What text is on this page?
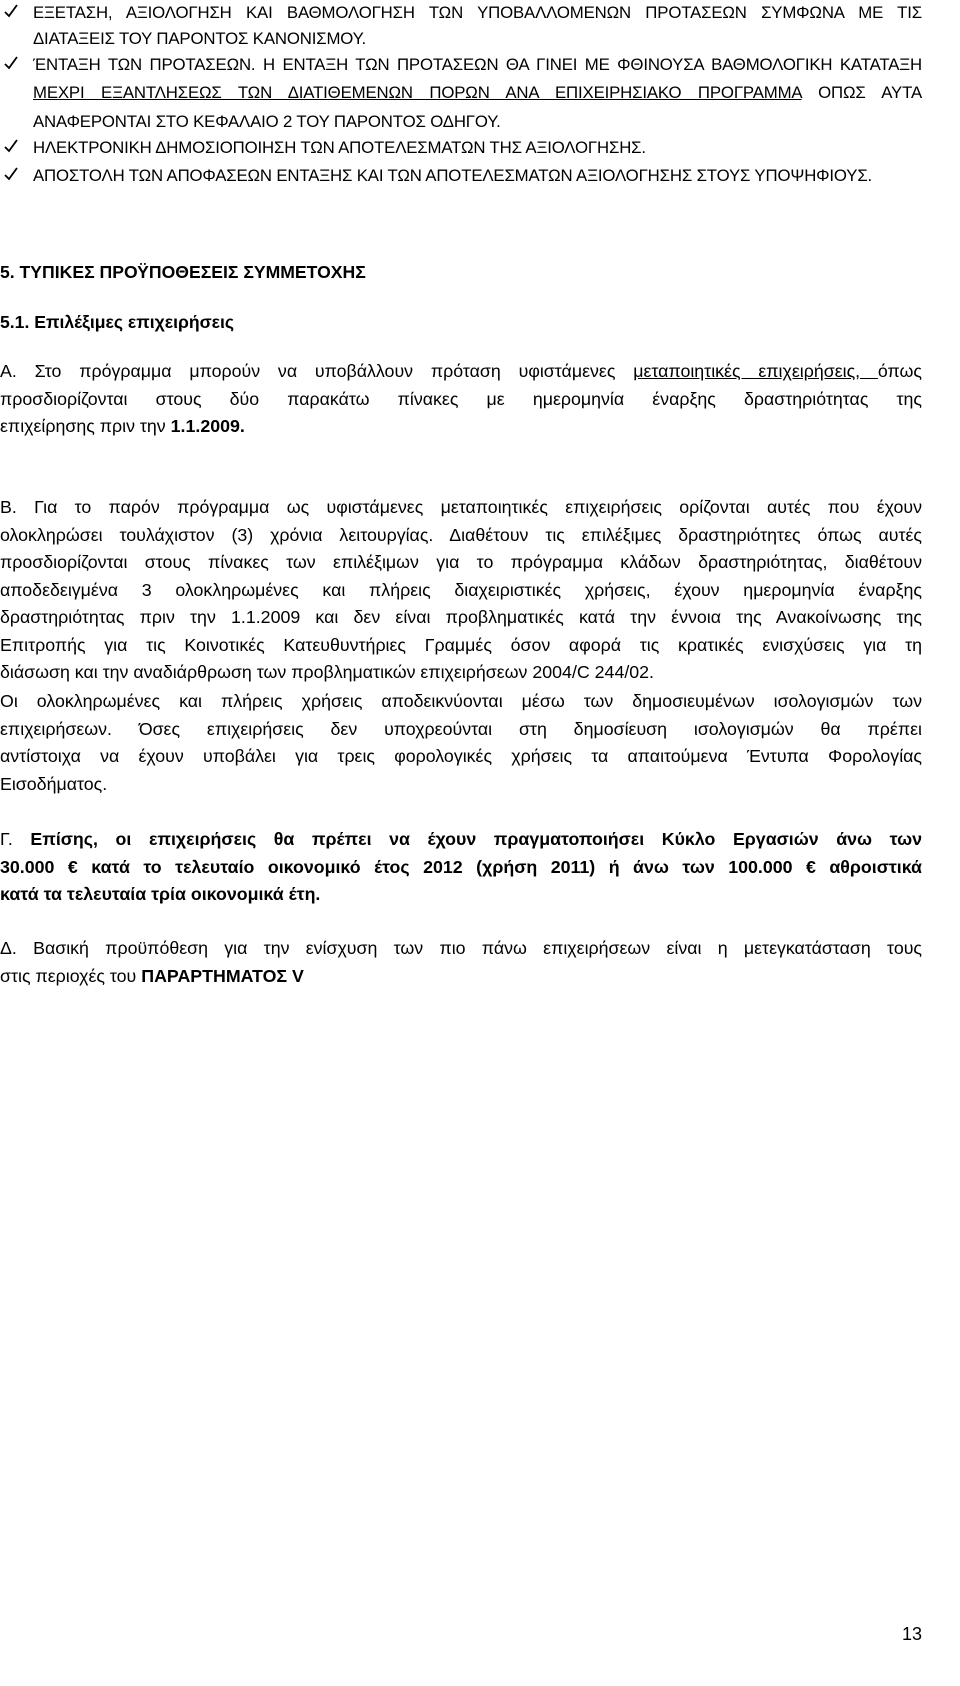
ΕΞΕΤΑΣΗ, ΑΞΙΟΛΟΓΗΣΗ ΚΑΙ ΒΑΘΜΟΛΟΓΗΣΗ ΤΩΝ ΥΠΟΒΑΛΛΟΜΕΝΩΝ ΠΡΟΤΑΣΕΩΝ ΣΥΜΦΩΝΑ ΜΕ ΤΙΣ
ΔΙΑΤΑΞΕΙΣ ΤΟΥ ΠΑΡΟΝΤΟΣ ΚΑΝΟΝΙΣΜΟΥ.
ΈΝΤΑΞΗ ΤΩΝ ΠΡΟΤΑΣΕΩΝ. Η ΕΝΤΑΞΗ ΤΩΝ ΠΡΟΤΑΣΕΩΝ ΘΑ ΓΙΝΕΙ ΜΕ ΦΘΙΝΟΥΣΑ ΒΑΘΜΟΛΟΓΙΚΗ ΚΑΤΑΤΑΞΗ
ΜΕΧΡΙ ΕΞΑΝΤΛΗΣΕΩΣ ΤΩΝ ΔΙΑΤΙΘΕΜΕΝΩΝ ΠΟΡΩΝ ΑΝΑ ΕΠΙΧΕΙΡΗΣΙΑΚΟ ΠΡΟΓΡΑΜΜΑ ΟΠΩΣ ΑΥΤΑ
ΑΝΑΦΕΡΟΝΤΑΙ ΣΤΟ ΚΕΦΑΛΑΙΟ 2 ΤΟΥ ΠΑΡΟΝΤΟΣ ΟΔΗΓΟΥ.
ΗΛΕΚΤΡΟΝΙΚΗ ΔΗΜΟΣΙΟΠΟΙΗΣΗ ΤΩΝ ΑΠΟΤΕΛΕΣΜΑΤΩΝ ΤΗΣ ΑΞΙΟΛΟΓΗΣΗΣ.
ΑΠΟΣΤΟΛΗ ΤΩΝ ΑΠΟΦΑΣΕΩΝ ΕΝΤΑΞΗΣ ΚΑΙ ΤΩΝ ΑΠΟΤΕΛΕΣΜΑΤΩΝ ΑΞΙΟΛΟΓΗΣΗΣ ΣΤΟΥΣ ΥΠΟΨΗΦΙΟΥΣ.
5. ΤΥΠΙΚΕΣ ΠΡΟΫΠΟΘΕΣΕΙΣ ΣΥΜΜΕΤΟΧΗΣ
5.1. Επιλέξιμες επιχειρήσεις
Α. Στο πρόγραμμα μπορούν να υποβάλλουν πρόταση υφιστάμενες μεταποιητικές επιχειρήσεις, όπως
προσδιορίζονται στους δύο παρακάτω πίνακες με ημερομηνία έναρξης δραστηριότητας της
επιχείρησης πριν την 1.1.2009.
Β. Για το παρόν πρόγραμμα ως υφιστάμενες μεταποιητικές επιχειρήσεις ορίζονται αυτές που έχουν
ολοκληρώσει τουλάχιστον (3) χρόνια λειτουργίας. Διαθέτουν τις επιλέξιμες δραστηριότητες όπως αυτές
προσδιορίζονται στους πίνακες των επιλέξιμων για το πρόγραμμα κλάδων δραστηριότητας, διαθέτουν
αποδεδειγμένα 3 ολοκληρωμένες και πλήρεις διαχειριστικές χρήσεις, έχουν ημερομηνία έναρξης
δραστηριότητας πριν την 1.1.2009 και δεν είναι προβληματικές κατά την έννοια της Ανακοίνωσης της
Επιτροπής για τις Κοινοτικές Κατευθυντήριες Γραμμές όσον αφορά τις κρατικές ενισχύσεις για τη
διάσωση και την αναδιάρθρωση των προβληματικών επιχειρήσεων 2004/C 244/02.
Οι ολοκληρωμένες και πλήρεις χρήσεις αποδεικνύονται μέσω των δημοσιευμένων ισολογισμών των
επιχειρήσεων. Όσες επιχειρήσεις δεν υποχρεούνται στη δημοσίευση ισολογισμών θα πρέπει
αντίστοιχα να έχουν υποβάλει για τρεις φορολογικές χρήσεις τα απαιτούμενα Έντυπα Φορολογίας
Εισοδήματος.
Γ. Επίσης, οι επιχειρήσεις θα πρέπει να έχουν πραγματοποιήσει Κύκλο Εργασιών άνω των
30.000 € κατά το τελευταίο οικονομικό έτος 2012 (χρήση 2011) ή άνω των 100.000 € αθροιστικά
κατά τα τελευταία τρία οικονομικά έτη.
Δ. Βασική προϋπόθεση για την ενίσχυση των πιο πάνω επιχειρήσεων είναι η μετεγκατάσταση τους
στις περιοχές του ΠΑΡΑΡΤΗΜΑΤΟΣ V
13
